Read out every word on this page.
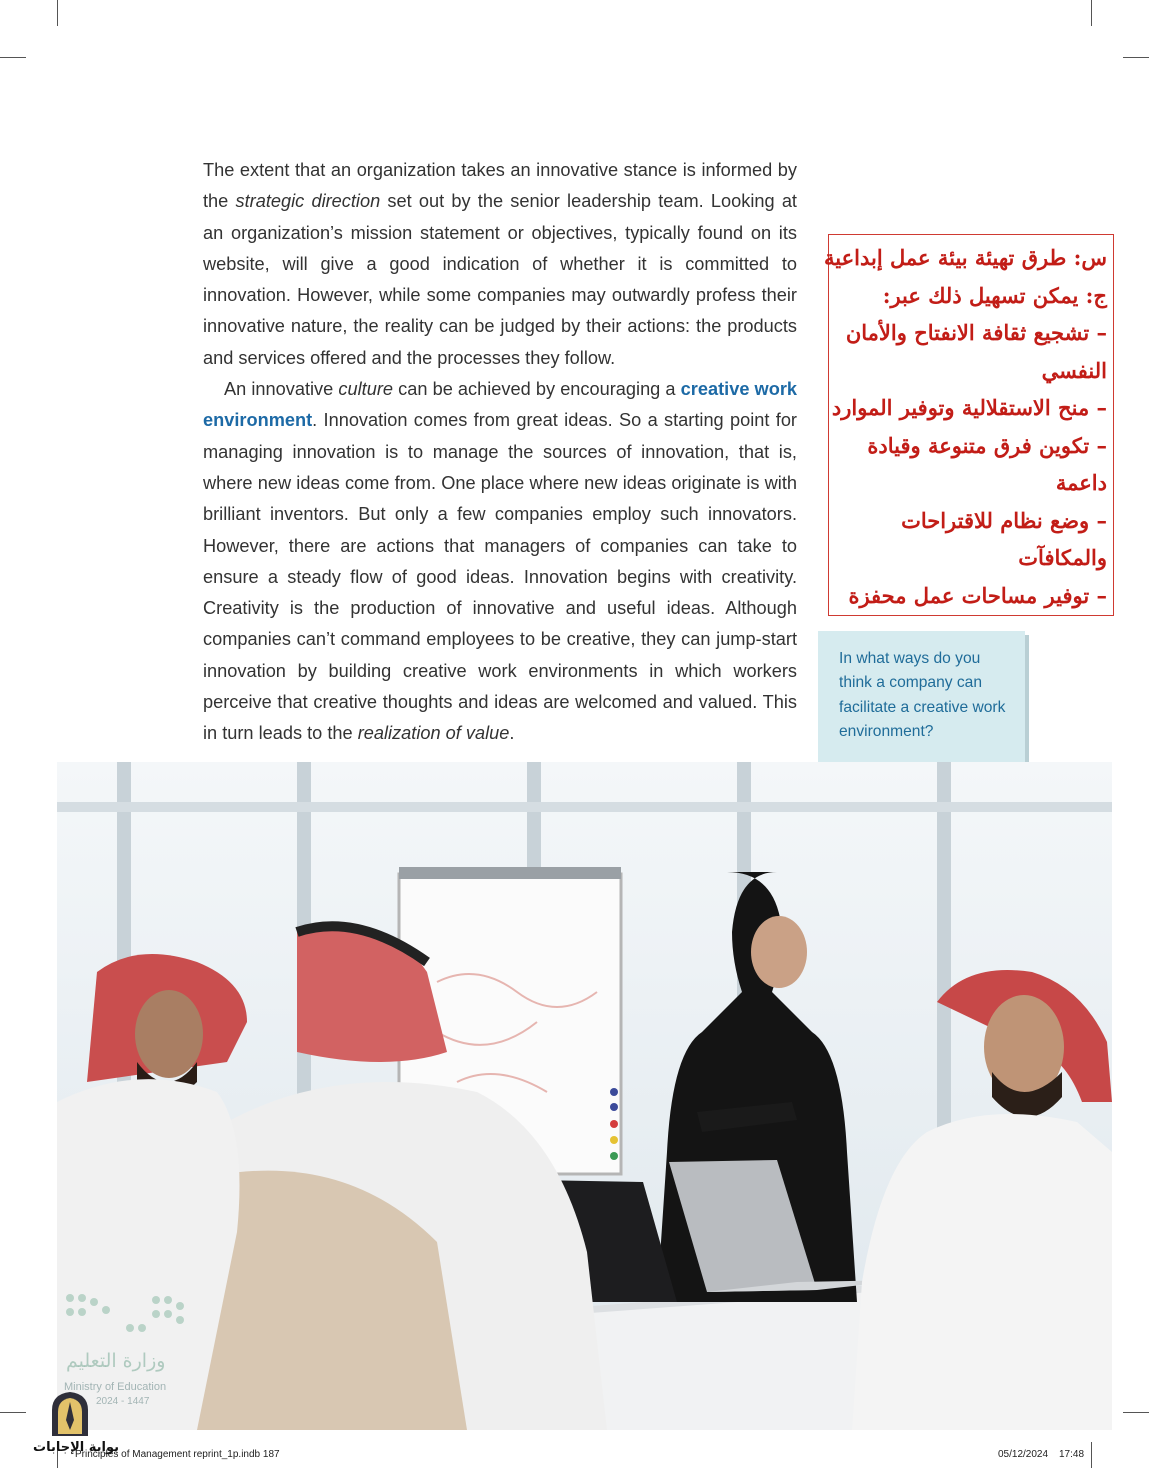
The extent that an organization takes an innovative stance is informed by the strategic direction set out by the senior leadership team. Looking at an organization’s mission statement or objectives, typically found on its website, will give a good indication of whether it is committed to innovation. However, while some companies may outwardly profess their innovative nature, the reality can be judged by their actions: the products and services offered and the processes they follow.

An innovative culture can be achieved by encouraging a creative work environment. Innovation comes from great ideas. So a starting point for managing innovation is to manage the sources of innovation, that is, where new ideas come from. One place where new ideas originate is with brilliant inventors. But only a few companies employ such innovators. However, there are actions that managers of companies can take to ensure a steady flow of good ideas. Innovation begins with creativity. Creativity is the production of innovative and useful ideas. Although companies can’t command employees to be creative, they can jump-start innovation by building creative work environments in which workers perceive that creative thoughts and ideas are welcomed and valued. This in turn leads to the realization of value.

س: طرق تهيئة بيئة عمل إبداعية
ج: يمكن تسهيل ذلك عبر:
– تشجيع ثقافة الانفتاح والأمان
النفسي
– منح الاستقلالية وتوفير الموارد
– تكوين فرق متنوعة وقيادة
داعمة
– وضع نظام للاقتراحات
والمكافآت
– توفير مساحات عمل محفزة
In what ways do you think a company can facilitate a creative work environment?
وزارة التعليم
Ministry of Education
2024 - 1447
بوابة الإجابات
Principles of Management reprint_1p.indb 187	05/12/2024 17:48
